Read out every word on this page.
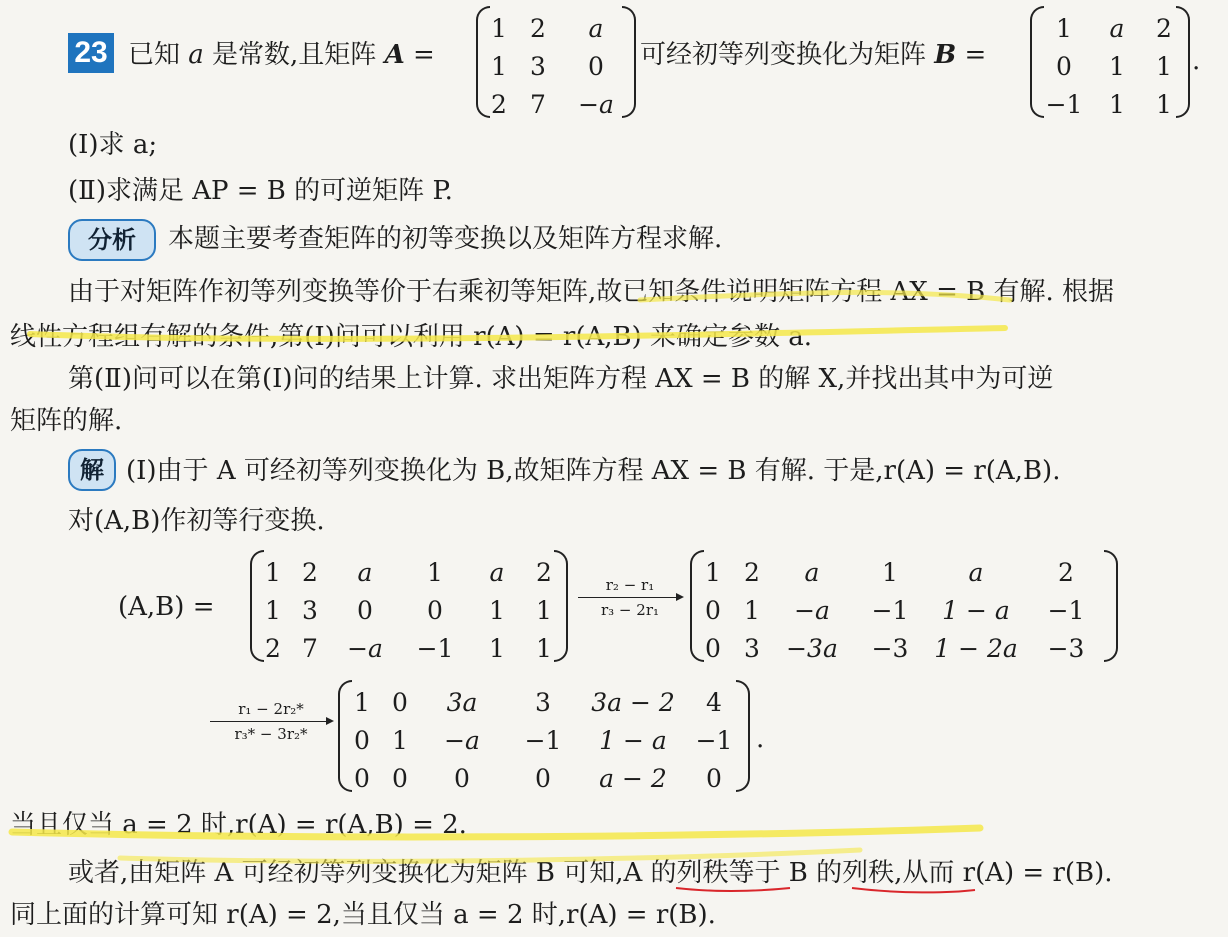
23 已知 a 是常数,且矩阵 A =
1 2	a
1 3	0
2 7	−a
可经初等列变换化为矩阵 B =
1	a	2
0	1	1
−1	1	1
.
(Ⅰ)求 a;
(Ⅱ)求满足 AP = B 的可逆矩阵 P.
分析	本题主要考查矩阵的初等变换以及矩阵方程求解.
由于对矩阵作初等列变换等价于右乘初等矩阵,故已知条件说明矩阵方程 AX = B 有解. 根据
线性方程组有解的条件,第(Ⅰ)问可以利用 r(A) = r(A,B) 来确定参数 a.
第(Ⅱ)问可以在第(Ⅰ)问的结果上计算. 求出矩阵方程 AX = B 的解 X,并找出其中为可逆
矩阵的解.
解 (Ⅰ)由于 A 可经初等列变换化为 B,故矩阵方程 AX = B 有解. 于是,r(A) = r(A,B).
对(A,B)作初等行变换.
(A,B) =
1 2	a	1	a	2
1 3	0	0	1	1
2 7	−a	−1	1	1
r₂ − r₁
r₃ − 2r₁
1 2	a	1	a	2
0 1	−a	−1	1 − a	−1
0 3	−3a	−3	1 − 2a	−3
r₁ − 2r₂*
r₃* − 3r₂*
1 0	3a	3	3a − 2	4
0 1	−a	−1	1 − a	−1
0 0	0	0	a − 2	0
.
当且仅当 a = 2 时,r(A) = r(A,B) = 2.
或者,由矩阵 A 可经初等列变换化为矩阵 B 可知,A 的列秩等于 B 的列秩,从而 r(A) = r(B).
同上面的计算可知 r(A) = 2,当且仅当 a = 2 时,r(A) = r(B).
